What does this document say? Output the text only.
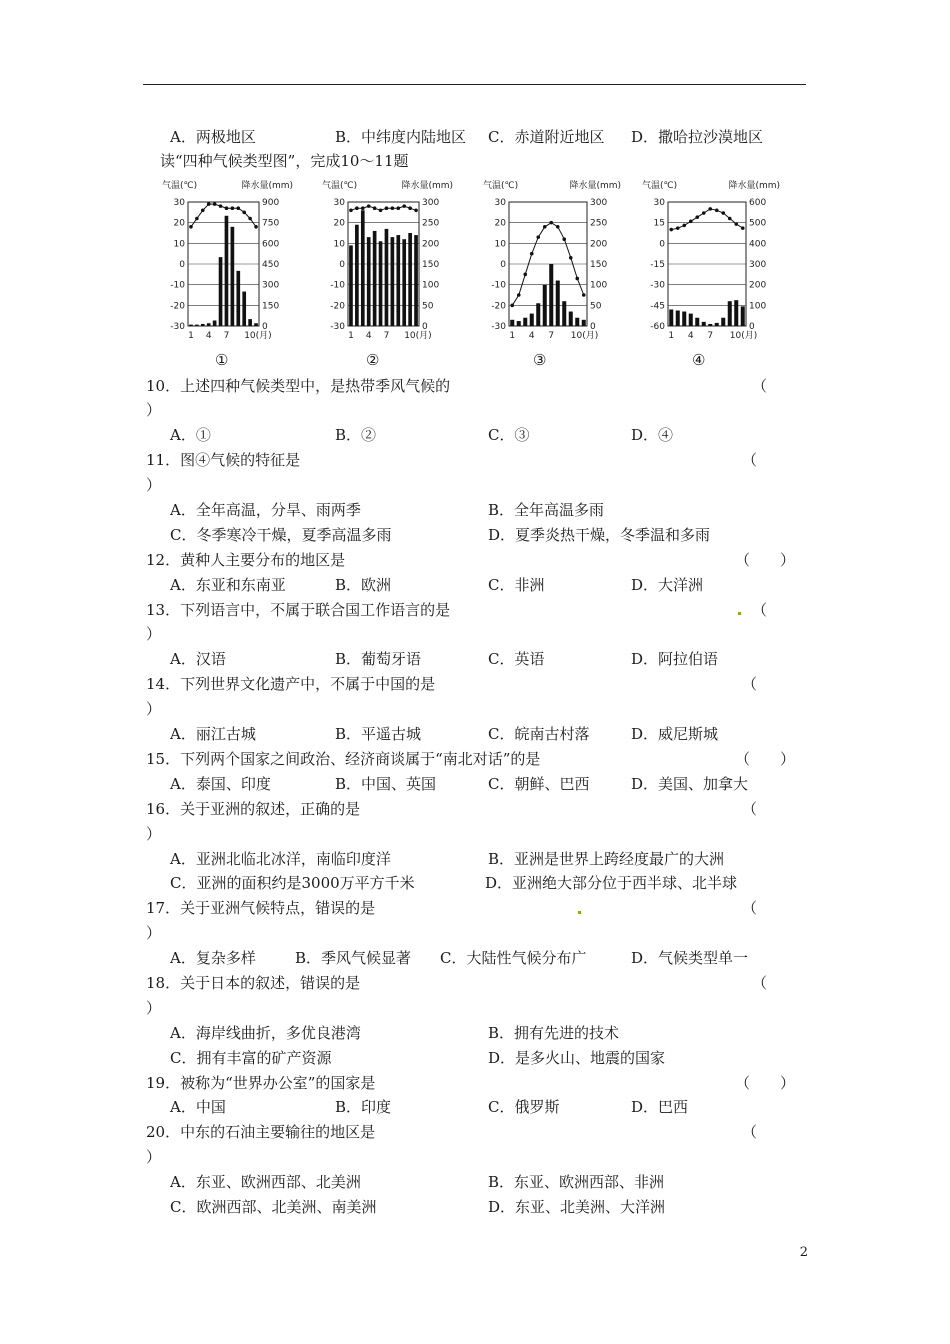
A．两极地区	B．中纬度内陆地区 C．赤道附近地区 D．撒哈拉沙漠地区
读“四种气候类型图”，完成10～11题
气温(℃)	降水量(mm)
30	900
20	750
10	600
0	450
-10	300
-20	150
-30	0
1 4 7 10(月)
气温(℃)	降水量(mm)
30	300
20	250
10	200
0	150
-10	100
-20	50
-30	0
1 4 7 10(月)
气温(℃)	降水量(mm)
30	300
20	250
10	200
0	150
-10	100
-20	50
-30	0
1 4 7 10(月)
气温(℃)	降水量(mm)
30	600
15	500
0	400
-15	300
-30	200
-45	100
-60	0
1 4 7 10(月)
①	②	③	④
10．上述四种气候类型中，是热带季风气候的	（
）
A．①	B．②	C．③	D．④
11．图④气候的特征是	（
）
A．全年高温，分旱、雨两季	B．全年高温多雨
C．冬季寒冷干燥，夏季高温多雨	D．夏季炎热干燥，冬季温和多雨
12．黄种人主要分布的地区是	（　　）
A．东亚和东南亚	B．欧洲	C．非洲	D．大洋洲
13．下列语言中，不属于联合国工作语言的是	（
）
A．汉语	B．葡萄牙语	C．英语	D．阿拉伯语
14．下列世界文化遗产中，不属于中国的是	（
）
A．丽江古城	B．平遥古城	C．皖南古村落	D．威尼斯城
15．下列两个国家之间政治、经济商谈属于“南北对话”的是	（　　）
A．泰国、印度	B．中国、英国	C．朝鲜、巴西	D．美国、加拿大
16．关于亚洲的叙述，正确的是	（
）
A．亚洲北临北冰洋，南临印度洋	B．亚洲是世界上跨经度最广的大洲
C．亚洲的面积约是3000万平方千米	D．亚洲绝大部分位于西半球、北半球
17．关于亚洲气候特点，错误的是	（
）
A．复杂多样	B．季风气候显著 C．大陆性气候分布广	D．气候类型单一
18．关于日本的叙述，错误的是	（
）
A．海岸线曲折，多优良港湾	B．拥有先进的技术
C．拥有丰富的矿产资源	D．是多火山、地震的国家
19．被称为“世界办公室”的国家是	（　　）
A．中国	B．印度	C．俄罗斯	D．巴西
20．中东的石油主要输往的地区是	（
）
A．东亚、欧洲西部、北美洲	B．东亚、欧洲西部、非洲
C．欧洲西部、北美洲、南美洲	D．东亚、北美洲、大洋洲
2
